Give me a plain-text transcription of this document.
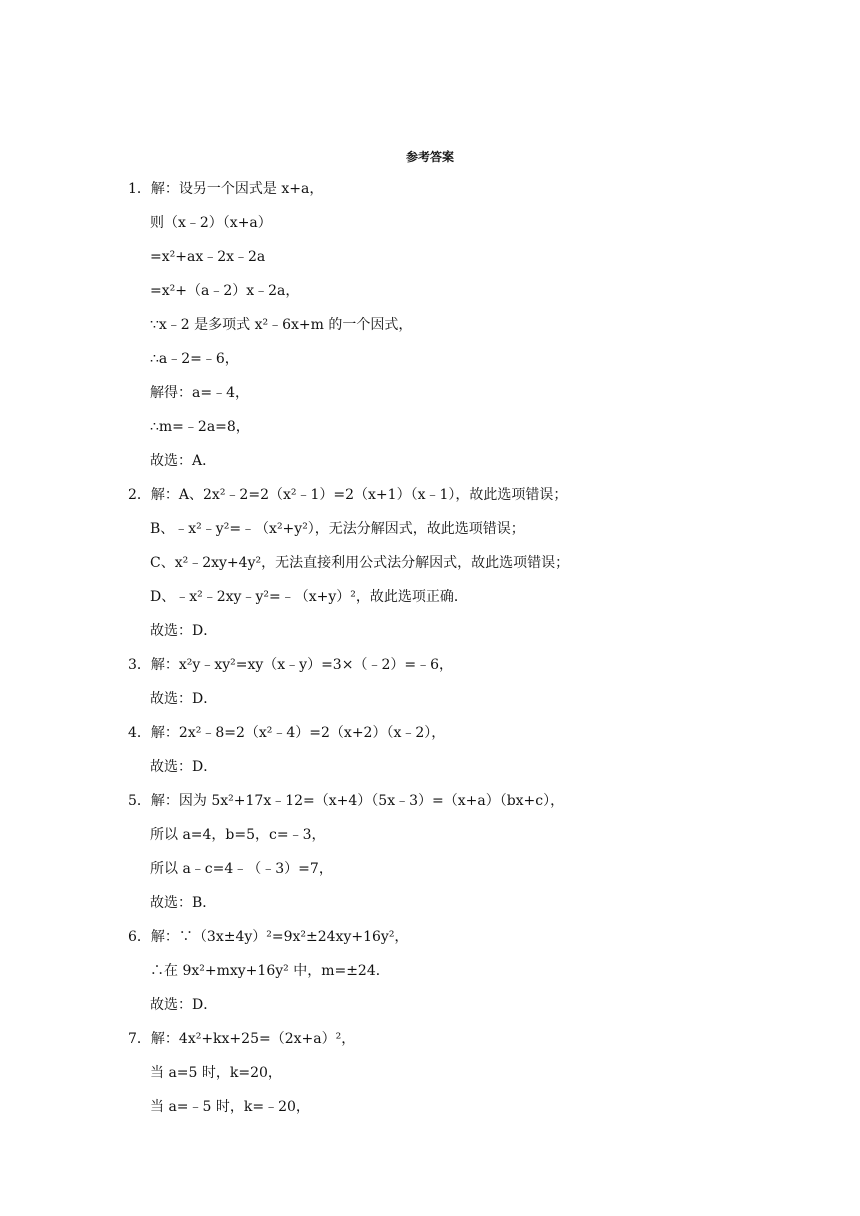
参考答案
1．解：设另一个因式是 x+a，
则（x﹣2）（x+a）
=x²+ax﹣2x﹣2a
=x²+（a﹣2）x﹣2a，
∵x﹣2 是多项式 x²﹣6x+m 的一个因式，
∴a﹣2=﹣6，
解得：a=﹣4，
∴m=﹣2a=8，
故选：A．
2．解：A、2x²﹣2=2（x²﹣1）=2（x+1）（x﹣1），故此选项错误；
B、﹣x²﹣y²=﹣（x²+y²），无法分解因式，故此选项错误；
C、x²﹣2xy+4y²，无法直接利用公式法分解因式，故此选项错误；
D、﹣x²﹣2xy﹣y²=﹣（x+y）²，故此选项正确．
故选：D．
3．解：x²y﹣xy²=xy（x﹣y）=3×（﹣2）=﹣6，
故选：D．
4．解：2x²﹣8=2（x²﹣4）=2（x+2）（x﹣2），
故选：D．
5．解：因为 5x²+17x﹣12=（x+4）（5x﹣3）=（x+a）（bx+c），
所以 a=4，b=5，c=﹣3，
所以 a﹣c=4﹣（﹣3）=7，
故选：B．
6．解：∵（3x±4y）²=9x²±24xy+16y²，
∴在 9x²+mxy+16y² 中，m=±24．
故选：D．
7．解：4x²+kx+25=（2x+a）²，
当 a=5 时，k=20，
当 a=﹣5 时，k=﹣20，
